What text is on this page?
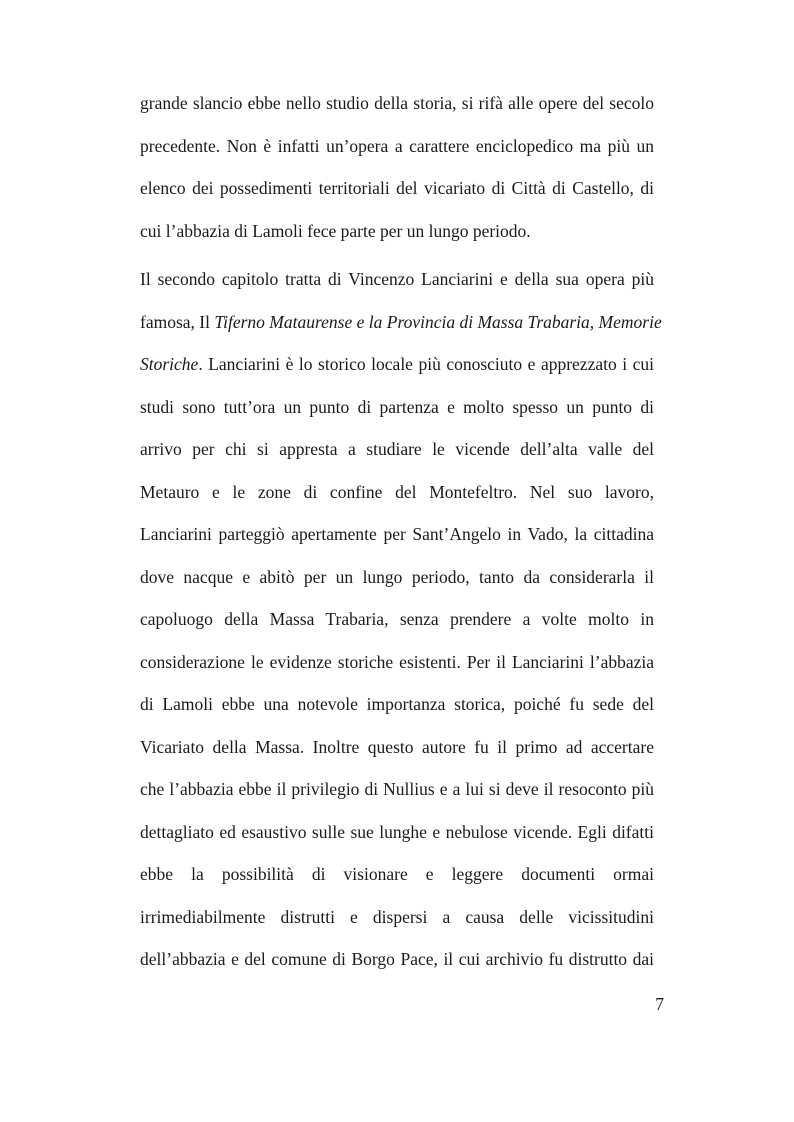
grande slancio ebbe nello studio della storia, si rifà alle opere del secolo
precedente. Non è infatti un’opera a carattere enciclopedico ma più un
elenco dei possedimenti territoriali del vicariato di Città di Castello, di
cui l’abbazia di Lamoli fece parte per un lungo periodo.
Il secondo capitolo tratta di Vincenzo Lanciarini e della sua opera più
famosa, Il Tiferno Mataurense e la Provincia di Massa Trabaria, Memorie
Storiche. Lanciarini è lo storico locale più conosciuto e apprezzato i cui
studi sono tutt’ora un punto di partenza e molto spesso un punto di
arrivo per chi si appresta a studiare le vicende dell’alta valle del
Metauro e le zone di confine del Montefeltro. Nel suo lavoro,
Lanciarini parteggiò apertamente per Sant’Angelo in Vado, la cittadina
dove nacque e abitò per un lungo periodo, tanto da considerarla il
capoluogo della Massa Trabaria, senza prendere a volte molto in
considerazione le evidenze storiche esistenti. Per il Lanciarini l’abbazia
di Lamoli ebbe una notevole importanza storica, poiché fu sede del
Vicariato della Massa. Inoltre questo autore fu il primo ad accertare
che l’abbazia ebbe il privilegio di Nullius e a lui si deve il resoconto più
dettagliato ed esaustivo sulle sue lunghe e nebulose vicende. Egli difatti
ebbe la possibilità di visionare e leggere documenti ormai
irrimediabilmente distrutti e dispersi a causa delle vicissitudini
dell’abbazia e del comune di Borgo Pace, il cui archivio fu distrutto dai
7
